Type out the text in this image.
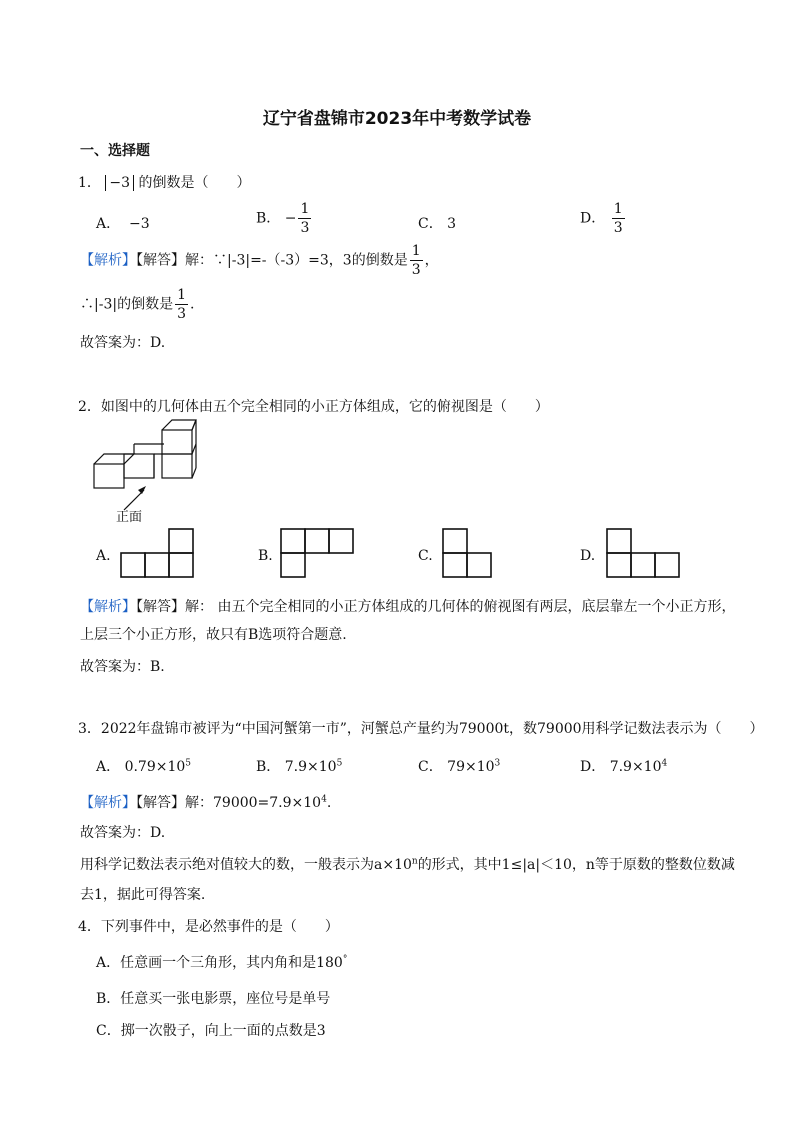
辽宁省盘锦市2023年中考数学试卷
一、选择题
1． −3 的倒数是（　　）
A． −3	B． − $\frac{1}{3}$	C． 3	D． $\frac{1}{3}$
【解析】【解答】解：∵|-3|=-（-3）=3，3的倒数是 $\frac{1}{3}$ ，
∴|-3|的倒数是 $\frac{1}{3}$ .
故答案为：D.
2．如图中的几何体由五个完全相同的小正方体组成，它的俯视图是（　　）
正面
A.	B.	C.	D.
【解析】【解答】解： 由五个完全相同的小正方体组成的几何体的俯视图有两层，底层靠左一个小正方形，
上层三个小正方形，故只有B选项符合题意.
故答案为：B.
3．2022年盘锦市被评为“中国河蟹第一市”，河蟹总产量约为79000t，数79000用科学记数法表示为（　　）
A． $0.79\times 10^5$	B． $7.9\times 10^5$	C． $79\times 10^3$	D． $7.9\times 10^4$
【解析】【解答】解：$79000=7.9\times 10^4$.
故答案为：D.
用科学记数法表示绝对值较大的数，一般表示为$a\times 10^n$的形式，其中1≤|a|＜10，n等于原数的整数位数减
去1，据此可得答案.
4．下列事件中，是必然事件的是（　　）
A．任意画一个三角形，其内角和是180°
B．任意买一张电影票，座位号是单号
C．掷一次骰子，向上一面的点数是3
